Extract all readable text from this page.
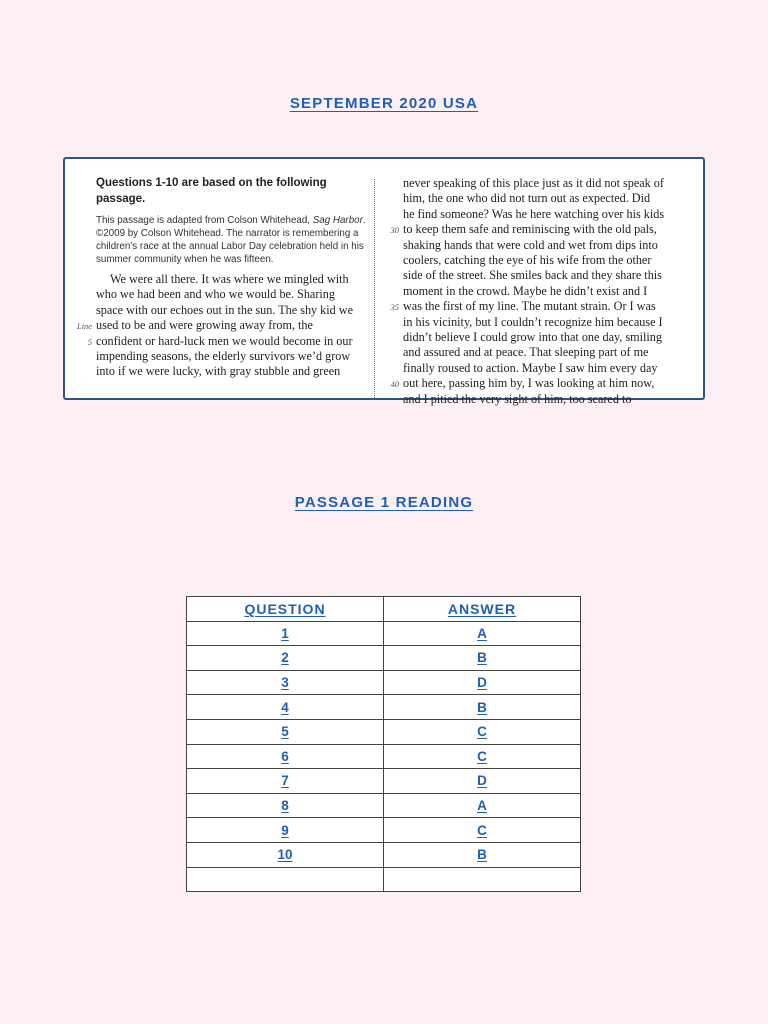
SEPTEMBER 2020 USA
Questions 1-10 are based on the following
passage.
This passage is adapted from Colson Whitehead, Sag Harbor. ©2009 by Colson Whitehead. The narrator is remembering a children’s race at the annual Labor Day celebration held in his summer community when he was fifteen.
We were all there. It was where we mingled with
who we had been and who we would be. Sharing
space with our echoes out in the sun. The shy kid we
Line used to be and were growing away from, the
5 confident or hard-luck men we would become in our
impending seasons, the elderly survivors we’d grow
into if we were lucky, with gray stubble and green
never speaking of this place just as it did not speak of
him, the one who did not turn out as expected. Did
he find someone? Was he here watching over his kids
30 to keep them safe and reminiscing with the old pals,
shaking hands that were cold and wet from dips into
coolers, catching the eye of his wife from the other
side of the street. She smiles back and they share this
moment in the crowd. Maybe he didn’t exist and I
35 was the first of my line. The mutant strain. Or I was
in his vicinity, but I couldn’t recognize him because I
didn’t believe I could grow into that one day, smiling
and assured and at peace. That sleeping part of me
finally roused to action. Maybe I saw him every day
40 out here, passing him by, I was looking at him now,
and I pitied the very sight of him, too scared to
PASSAGE 1 READING
QUESTION	ANSWER
1	A
2	B
3	D
4	B
5	C
6	C
7	D
8	A
9	C
10	B
